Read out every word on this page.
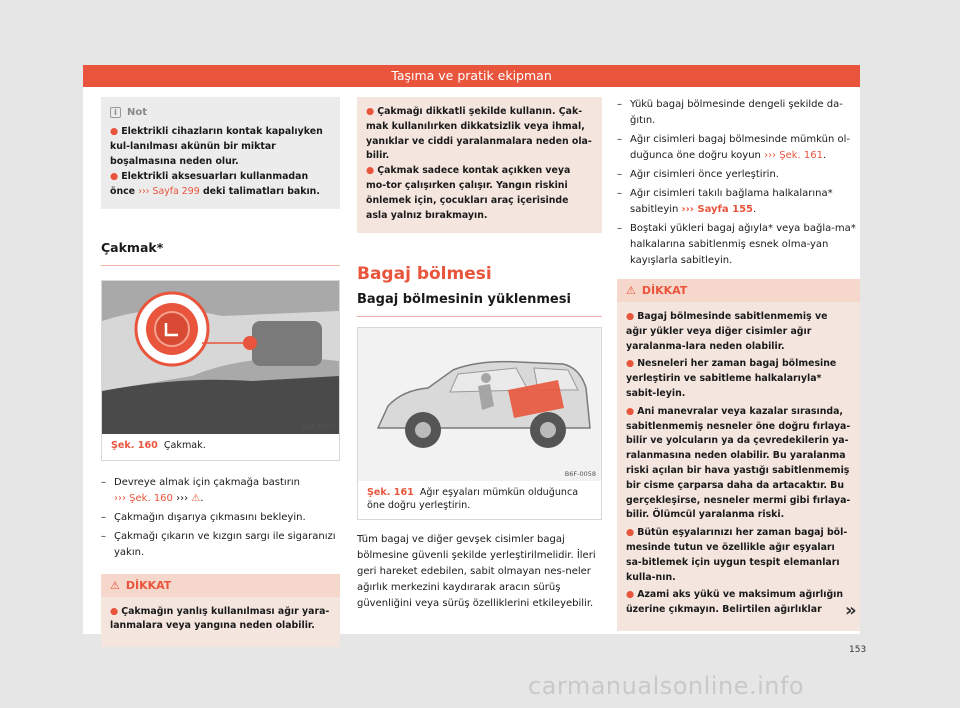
Taşıma ve pratik ekipman
i	Not
● Elektrikli cihazların kontak kapalıyken kul-lanılması akünün bir miktar boşalmasına neden olur.
● Elektrikli aksesuarları kullanmadan önce ››› Sayfa 299 deki talimatları bakın.
Çakmak*
B6F-0057
Şek. 160 Çakmak.
– Devreye almak için çakmağa bastırın
››› Şek. 160 ››› ⚠.
– Çakmağın dışarıya çıkmasını bekleyin.
– Çakmağı çıkarın ve kızgın sargı ile sigaranızı yakın.
⚠ DİKKAT

● Çakmağın yanlış kullanılması ağır yara-lanmalara veya yangına neden olabilir.

● Çakmağı dikkatli şekilde kullanın. Çak-mak kullanılırken dikkatsizlik veya ihmal, yanıklar ve ciddi yaralanmalara neden ola-bilir.

● Çakmak sadece kontak açıkken veya mo-tor çalışırken çalışır. Yangın riskini önlemek için, çocukları araç içerisinde asla yalnız bırakmayın.

Bagaj bölmesi
Bagaj bölmesinin yüklenmesi
B6F-0058
Şek. 161 Ağır eşyaları mümkün olduğunca öne doğru yerleştirin.
Tüm bagaj ve diğer gevşek cisimler bagaj bölmesine güvenli şekilde yerleştirilmelidir. İleri geri hareket edebilen, sabit olmayan nes-neler ağırlık merkezini kaydırarak aracın sürüş güvenliğini veya sürüş özelliklerini etkileyebilir.
– Yükü bagaj bölmesinde dengeli şekilde da-ğıtın.
– Ağır cisimleri bagaj bölmesinde mümkün ol-duğunca öne doğru koyun ››› Şek. 161.
– Ağır cisimleri önce yerleştirin.
– Ağır cisimleri takılı bağlama halkalarına* sabitleyin ››› Sayfa 155.
– Boştaki yükleri bagaj ağıyla* veya bağla-ma* halkalarına sabitlenmiş esnek olma-yan kayışlarla sabitleyin.
⚠ DİKKAT

● Bagaj bölmesinde sabitlenmemiş ve ağır yükler veya diğer cisimler ağır yaralanma-lara neden olabilir.

● Nesneleri her zaman bagaj bölmesine yerleştirin ve sabitleme halkalarıyla* sabit-leyin.

● Ani manevralar veya kazalar sırasında, sabitlenmemiş nesneler öne doğru fırlaya-bilir ve yolcuların ya da çevredekilerin ya-ralanmasına neden olabilir. Bu yaralanma riski açılan bir hava yastığı sabitlenmemiş bir cisme çarparsa daha da artacaktır. Bu gerçekleşirse, nesneler mermi gibi fırlaya-bilir. Ölümcül yaralanma riski.

● Bütün eşyalarınızı her zaman bagaj böl-mesinde tutun ve özellikle ağır eşyaları sa-bitlemek için uygun tespit elemanları kulla-nın.

● Azami aks yükü ve maksimum ağırlığın üzerine çıkmayın. Belirtilen ağırlıklar	»
153
carmanualsonline.info
